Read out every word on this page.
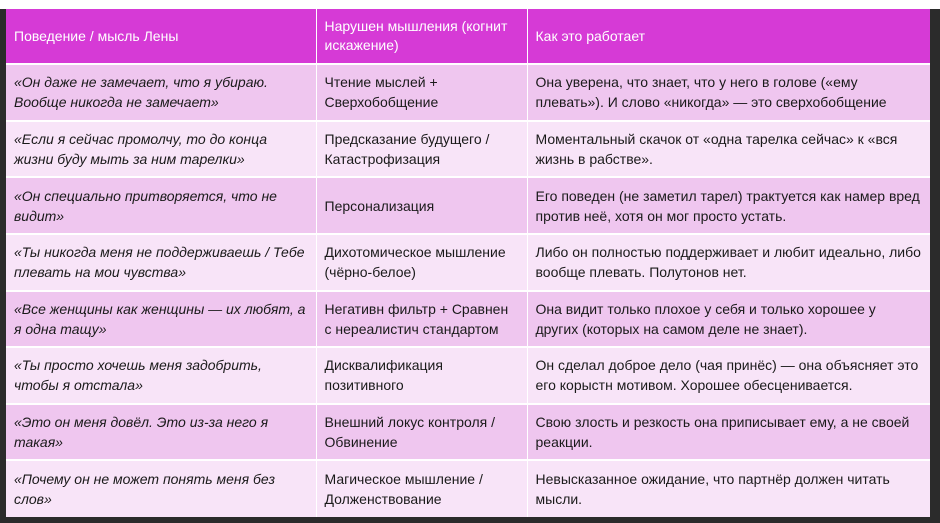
Поведение / мысль Лены	Нарушен мышления (когнит искажение)	Как это работает
«Он даже не замечает, что я убираю. Вообще никогда не замечает»	Чтение мыслей + Сверхобобщение	Она уверена, что знает, что у него в голове («ему плевать»). И слово «никогда» — это сверхобобщение
«Если я сейчас промолчу, то до конца жизни буду мыть за ним тарелки»	Предсказание будущего / Катастрофизация	Моментальный скачок от «одна тарелка сейчас» к «вся жизнь в рабстве».
«Он специально притворяется, что не видит»	Персонализация	Его поведен (не заметил тарел) трактуется как намер вред против неё, хотя он мог просто устать.
«Ты никогда меня не поддерживаешь / Тебе плевать на мои чувства»	Дихотомическое мышление (чёрно-белое)	Либо он полностью поддерживает и любит идеально, либо вообще плевать. Полутонов нет.
«Все женщины как женщины — их любят, а я одна тащу»	Негативн фильтр + Сравнен с нереалистич стандартом	Она видит только плохое у себя и только хорошее у других (которых на самом деле не знает).
«Ты просто хочешь меня задобрить, чтобы я отстала»	Дисквалификация позитивного	Он сделал доброе дело (чая принёс) — она объясняет это его корыстн мотивом. Хорошее обесценивается.
«Это он меня довёл. Это из-за него я такая»	Внешний локус контроля / Обвинение	Свою злость и резкость она приписывает ему, а не своей реакции.
«Почему он не может понять меня без слов»	Магическое мышление / Долженствование	Невысказанное ожидание, что партнёр должен читать мысли.
